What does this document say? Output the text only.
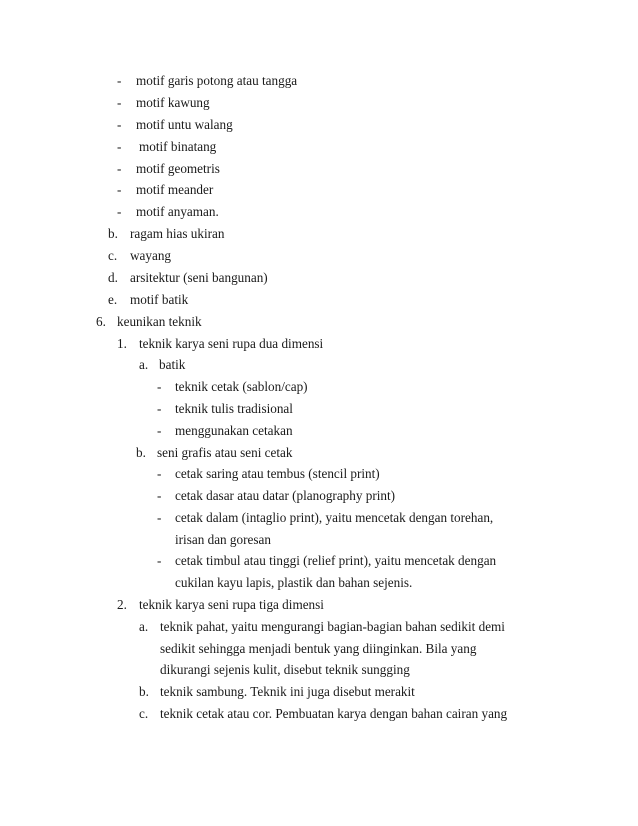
- motif garis potong atau tangga
- motif kawung
- motif untu walang
- motif binatang
- motif geometris
- motif meander
- motif anyaman.
b. ragam hias ukiran
c. wayang
d. arsitektur (seni bangunan)
e. motif batik
6. keunikan teknik
1. teknik karya seni rupa dua dimensi
a. batik
- teknik cetak (sablon/cap)
- teknik tulis tradisional
- menggunakan cetakan
b. seni grafis atau seni cetak
- cetak saring atau tembus (stencil print)
- cetak dasar atau datar (planography print)
- cetak dalam (intaglio print), yaitu mencetak dengan torehan,
irisan dan goresan
- cetak timbul atau tinggi (relief print), yaitu mencetak dengan
cukilan kayu lapis, plastik dan bahan sejenis.
2. teknik karya seni rupa tiga dimensi
a. teknik pahat, yaitu mengurangi bagian-bagian bahan sedikit demi
sedikit sehingga menjadi bentuk yang diinginkan. Bila yang
dikurangi sejenis kulit, disebut teknik sungging
b. teknik sambung. Teknik ini juga disebut merakit
c. teknik cetak atau cor. Pembuatan karya dengan bahan cairan yang
